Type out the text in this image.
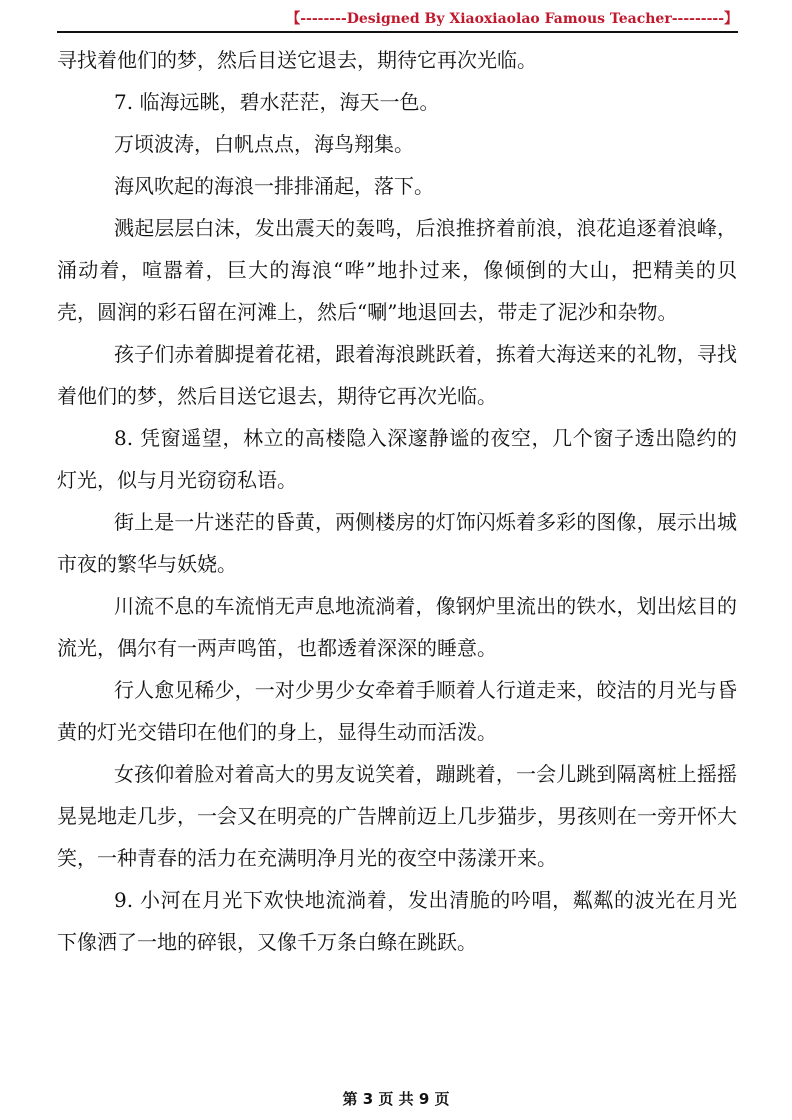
【--------Designed By Xiaoxiaolao Famous Teacher---------】

寻找着他们的梦，然后目送它退去，期待它再次光临。

7. 临海远眺，碧水茫茫，海天一色。

万顷波涛，白帆点点，海鸟翔集。

海风吹起的海浪一排排涌起，落下。

溅起层层白沫，发出震天的轰鸣，后浪推挤着前浪，浪花追逐着浪峰，涌动着，喧嚣着，巨大的海浪“哗”地扑过来，像倾倒的大山，把精美的贝壳，圆润的彩石留在河滩上，然后“唰”地退回去，带走了泥沙和杂物。

孩子们赤着脚提着花裙，跟着海浪跳跃着，拣着大海送来的礼物，寻找着他们的梦，然后目送它退去，期待它再次光临。

8. 凭窗遥望，林立的高楼隐入深邃静谧的夜空，几个窗子透出隐约的灯光，似与月光窃窃私语。

街上是一片迷茫的昏黄，两侧楼房的灯饰闪烁着多彩的图像，展示出城市夜的繁华与妖娆。

川流不息的车流悄无声息地流淌着，像钢炉里流出的铁水，划出炫目的流光，偶尔有一两声鸣笛，也都透着深深的睡意。

行人愈见稀少，一对少男少女牵着手顺着人行道走来，皎洁的月光与昏黄的灯光交错印在他们的身上，显得生动而活泼。

女孩仰着脸对着高大的男友说笑着，蹦跳着，一会儿跳到隔离桩上摇摇晃晃地走几步，一会又在明亮的广告牌前迈上几步猫步，男孩则在一旁开怀大笑，一种青春的活力在充满明净月光的夜空中荡漾开来。

9. 小河在月光下欢快地流淌着，发出清脆的吟唱，粼粼的波光在月光下像洒了一地的碎银，又像千万条白鲦在跳跃。

第 3 页 共 9 页
